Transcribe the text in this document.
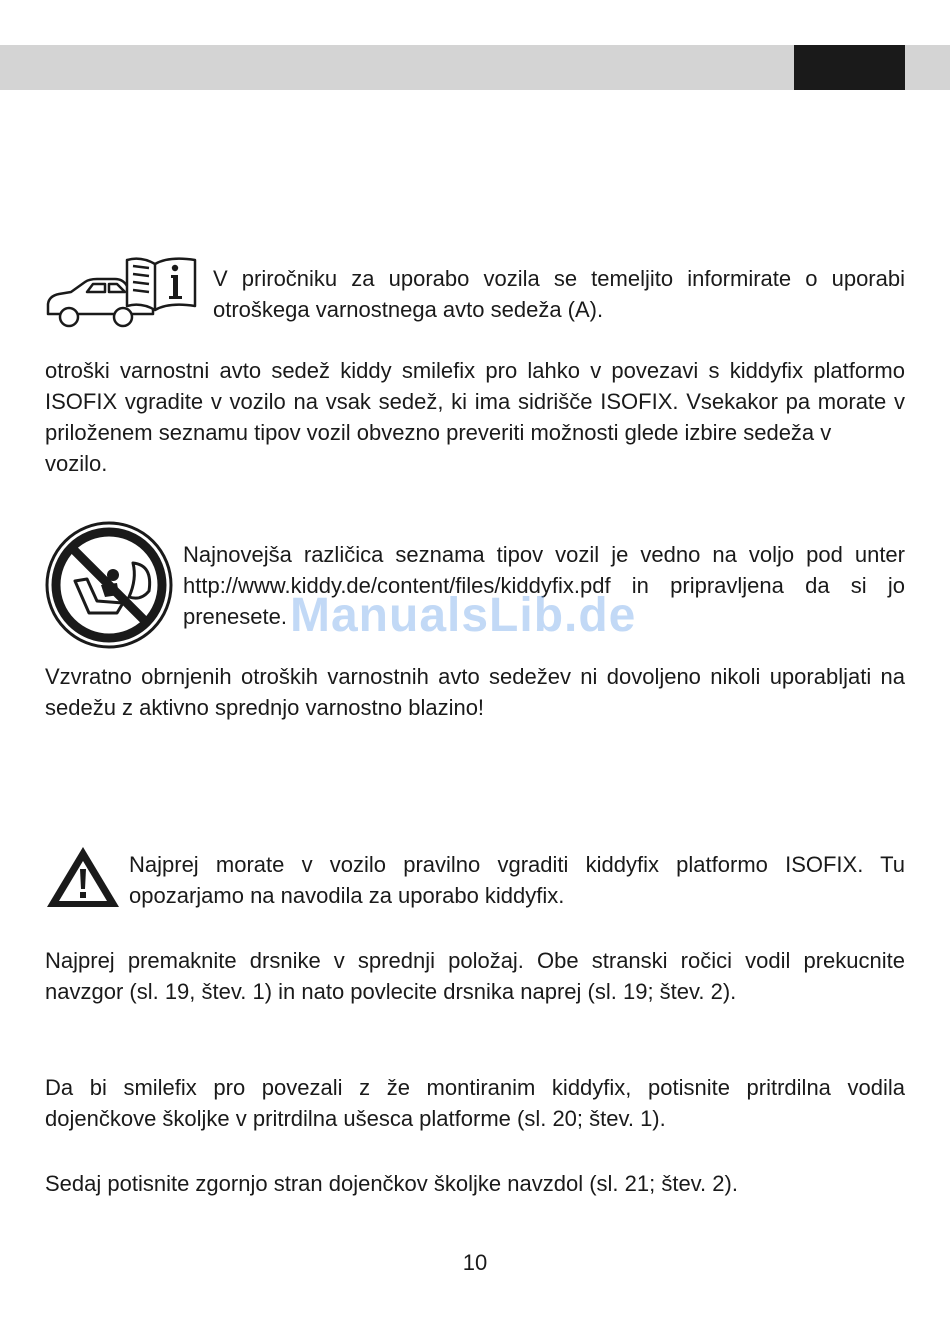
V priročniku za uporabo vozila se temeljito informirate o uporabi otroškega varnostnega avto sedeža (A).

otroški varnostni avto sedež kiddy smilefix pro lahko v povezavi s kiddyfix platformo ISOFIX vgradite v vozilo na vsak sedež, ki ima sidrišče ISOFIX. Vsekakor pa morate v priloženem seznamu tipov vozil obvezno preveriti možnosti glede izbire sedeža v
vozilo.

Najnovejša različica seznama tipov vozil je vedno na voljo pod unter http://www.kiddy.de/content/files/kiddyfix.pdf in pripravljena da si jo prenesete. ManualsLib.de

Vzvratno obrnjenih otroških varnostnih avto sedežev ni dovoljeno nikoli uporabljati na sedežu z aktivno sprednjo varnostno blazino!

Najprej morate v vozilo pravilno vgraditi kiddyfix platformo ISOFIX. Tu opozarjamo na navodila za uporabo kiddyfix.

Najprej premaknite drsnike v sprednji položaj. Obe stranski ročici vodil prekucnite navzgor (sl. 19, štev. 1) in nato povlecite drsnika naprej (sl. 19; štev. 2).

Da bi smilefix pro povezali z že montiranim kiddyfix, potisnite pritrdilna vodila dojenčkove školjke v pritrdilna ušesca platforme (sl. 20; štev. 1).

Sedaj potisnite zgornjo stran dojenčkov školjke navzdol (sl. 21; štev. 2).

10
